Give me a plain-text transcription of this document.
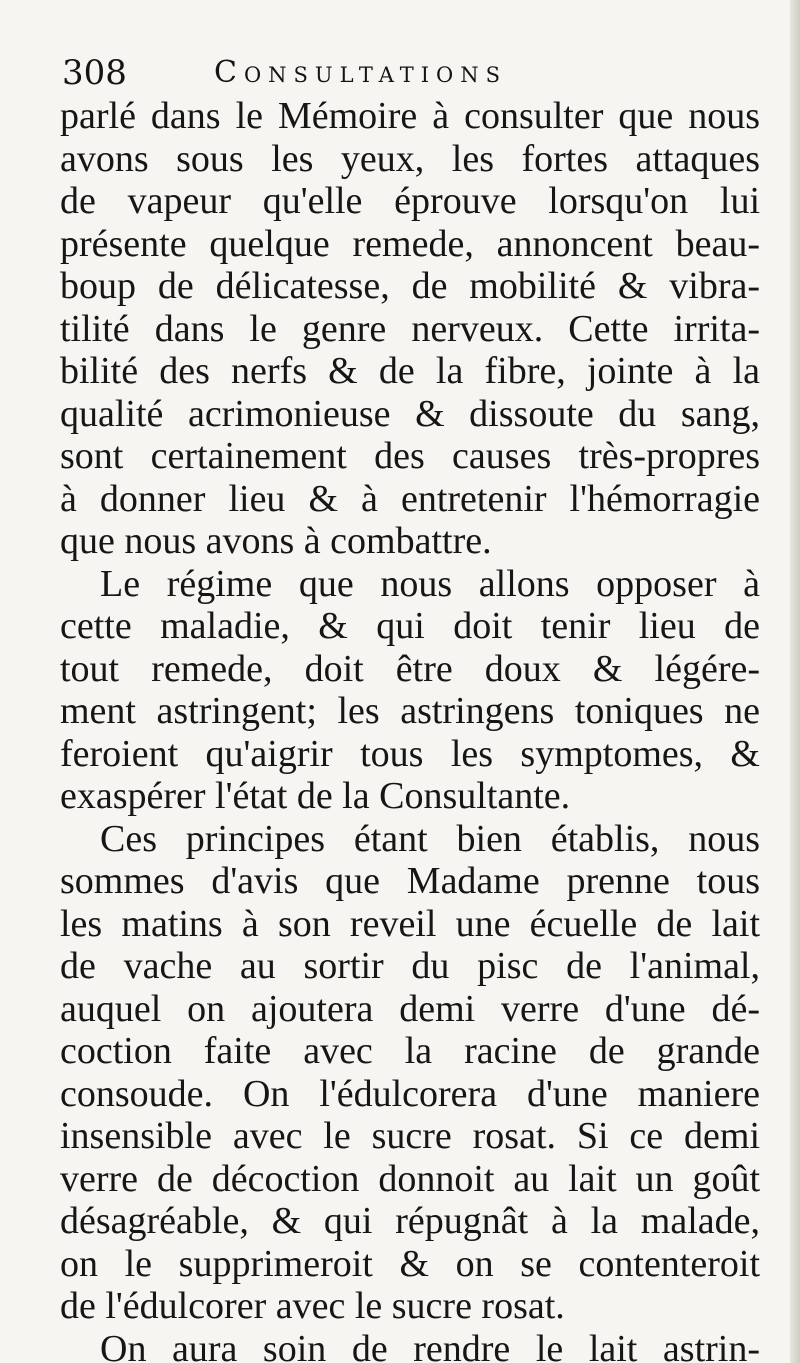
308	Consultations
parlé dans le Mémoire à consulter que nous
avons sous les yeux, les fortes attaques
de vapeur qu'elle éprouve lorsqu'on lui
présente quelque remede, annoncent beau-
boup de délicatesse, de mobilité & vibra-
tilité dans le genre nerveux. Cette irrita-
bilité des nerfs & de la fibre, jointe à la
qualité acrimonieuse & dissoute du sang,
sont certainement des causes très-propres
à donner lieu & à entretenir l'hémorragie
que nous avons à combattre.
Le régime que nous allons opposer à
cette maladie, & qui doit tenir lieu de
tout remede, doit être doux & légére-
ment astringent; les astringens toniques ne
feroient qu'aigrir tous les symptomes, &
exaspérer l'état de la Consultante.
Ces principes étant bien établis, nous
sommes d'avis que Madame prenne tous
les matins à son reveil une écuelle de lait
de vache au sortir du pisc de l'animal,
auquel on ajoutera demi verre d'une dé-
coction faite avec la racine de grande
consoude. On l'édulcorera d'une maniere
insensible avec le sucre rosat. Si ce demi
verre de décoction donnoit au lait un goût
désagréable, & qui répugnât à la malade,
on le supprimeroit & on se contenteroit
de l'édulcorer avec le sucre rosat.
On aura soin de rendre le lait astrin-
